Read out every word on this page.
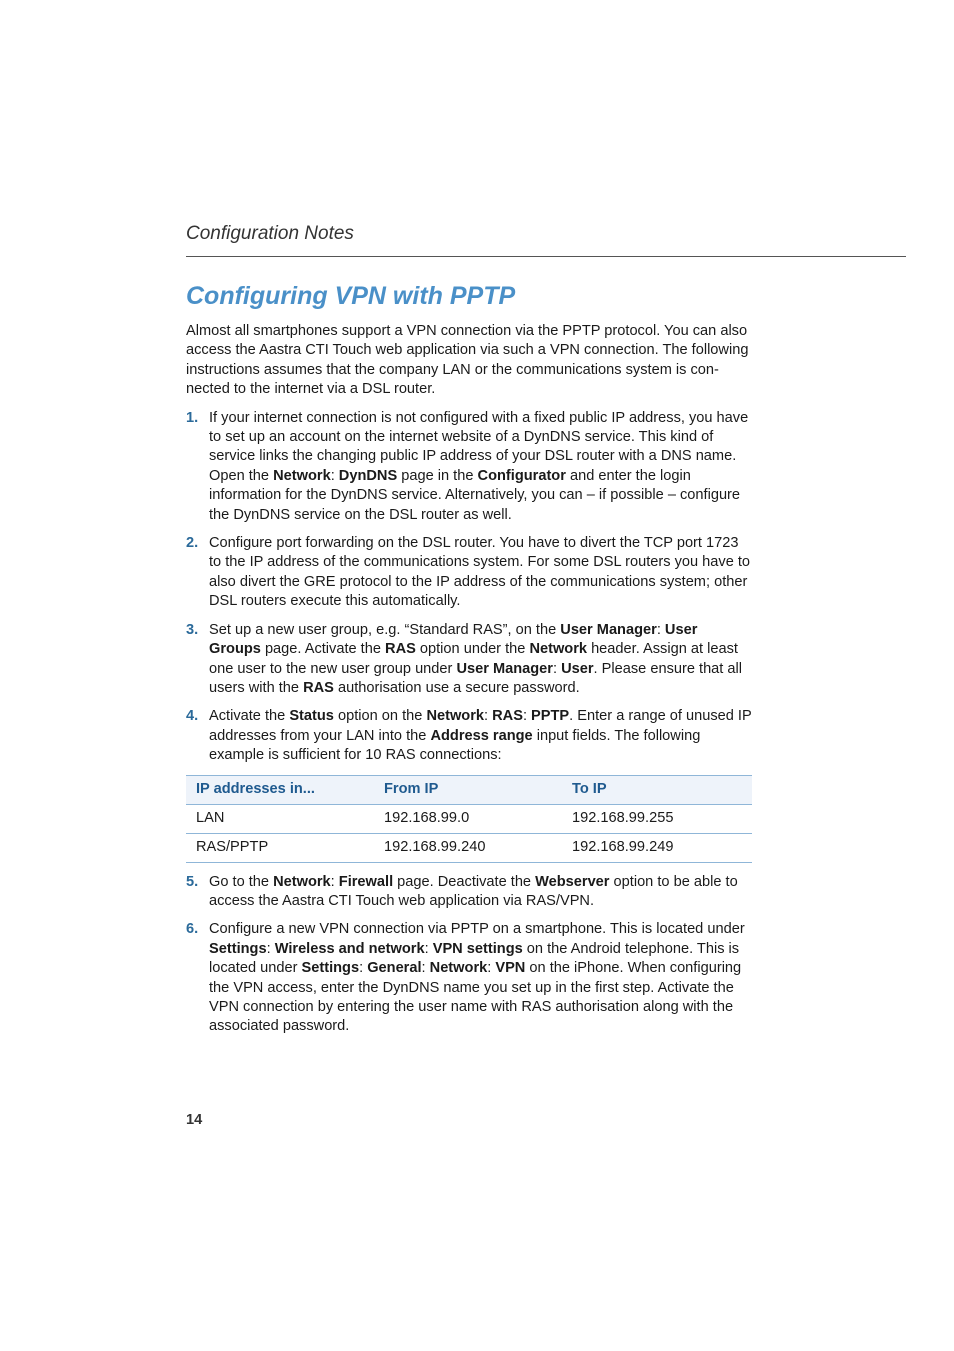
Configuration Notes
Configuring VPN with PPTP

Almost all smartphones support a VPN connection via the PPTP protocol. You can also access the Aastra CTI Touch web application via such a VPN connection. The following instructions assumes that the company LAN or the communications system is con-nected to the internet via a DSL router.

1. If your internet connection is not configured with a fixed public IP address, you have to set up an account on the internet website of a DynDNS service. This kind of service links the changing public IP address of your DSL router with a DNS name. Open the Network: DynDNS page in the Configurator and enter the login information for the DynDNS service. Alternatively, you can – if possible – configure the DynDNS service on the DSL router as well.
2. Configure port forwarding on the DSL router. You have to divert the TCP port 1723 to the IP address of the communications system. For some DSL routers you have to also divert the GRE protocol to the IP address of the communications system; other DSL routers execute this automatically.
3. Set up a new user group, e.g. “Standard RAS”, on the User Manager: User Groups page. Activate the RAS option under the Network header. Assign at least one user to the new user group under User Manager: User. Please ensure that all users with the RAS authorisation use a secure password.
4. Activate the Status option on the Network: RAS: PPTP. Enter a range of unused IP addresses from your LAN into the Address range input fields. The following example is sufficient for 10 RAS connections:
IP addresses in...	From IP	To IP
LAN	192.168.99.0	192.168.99.255
RAS/PPTP	192.168.99.240	192.168.99.249
5. Go to the Network: Firewall page. Deactivate the Webserver option to be able to access the Aastra CTI Touch web application via RAS/VPN.
6. Configure a new VPN connection via PPTP on a smartphone. This is located under Settings: Wireless and network: VPN settings on the Android telephone. This is located under Settings: General: Network: VPN on the iPhone. When configuring the VPN access, enter the DynDNS name you set up in the first step. Activate the VPN connection by entering the user name with RAS authorisation along with the associated password.
14
